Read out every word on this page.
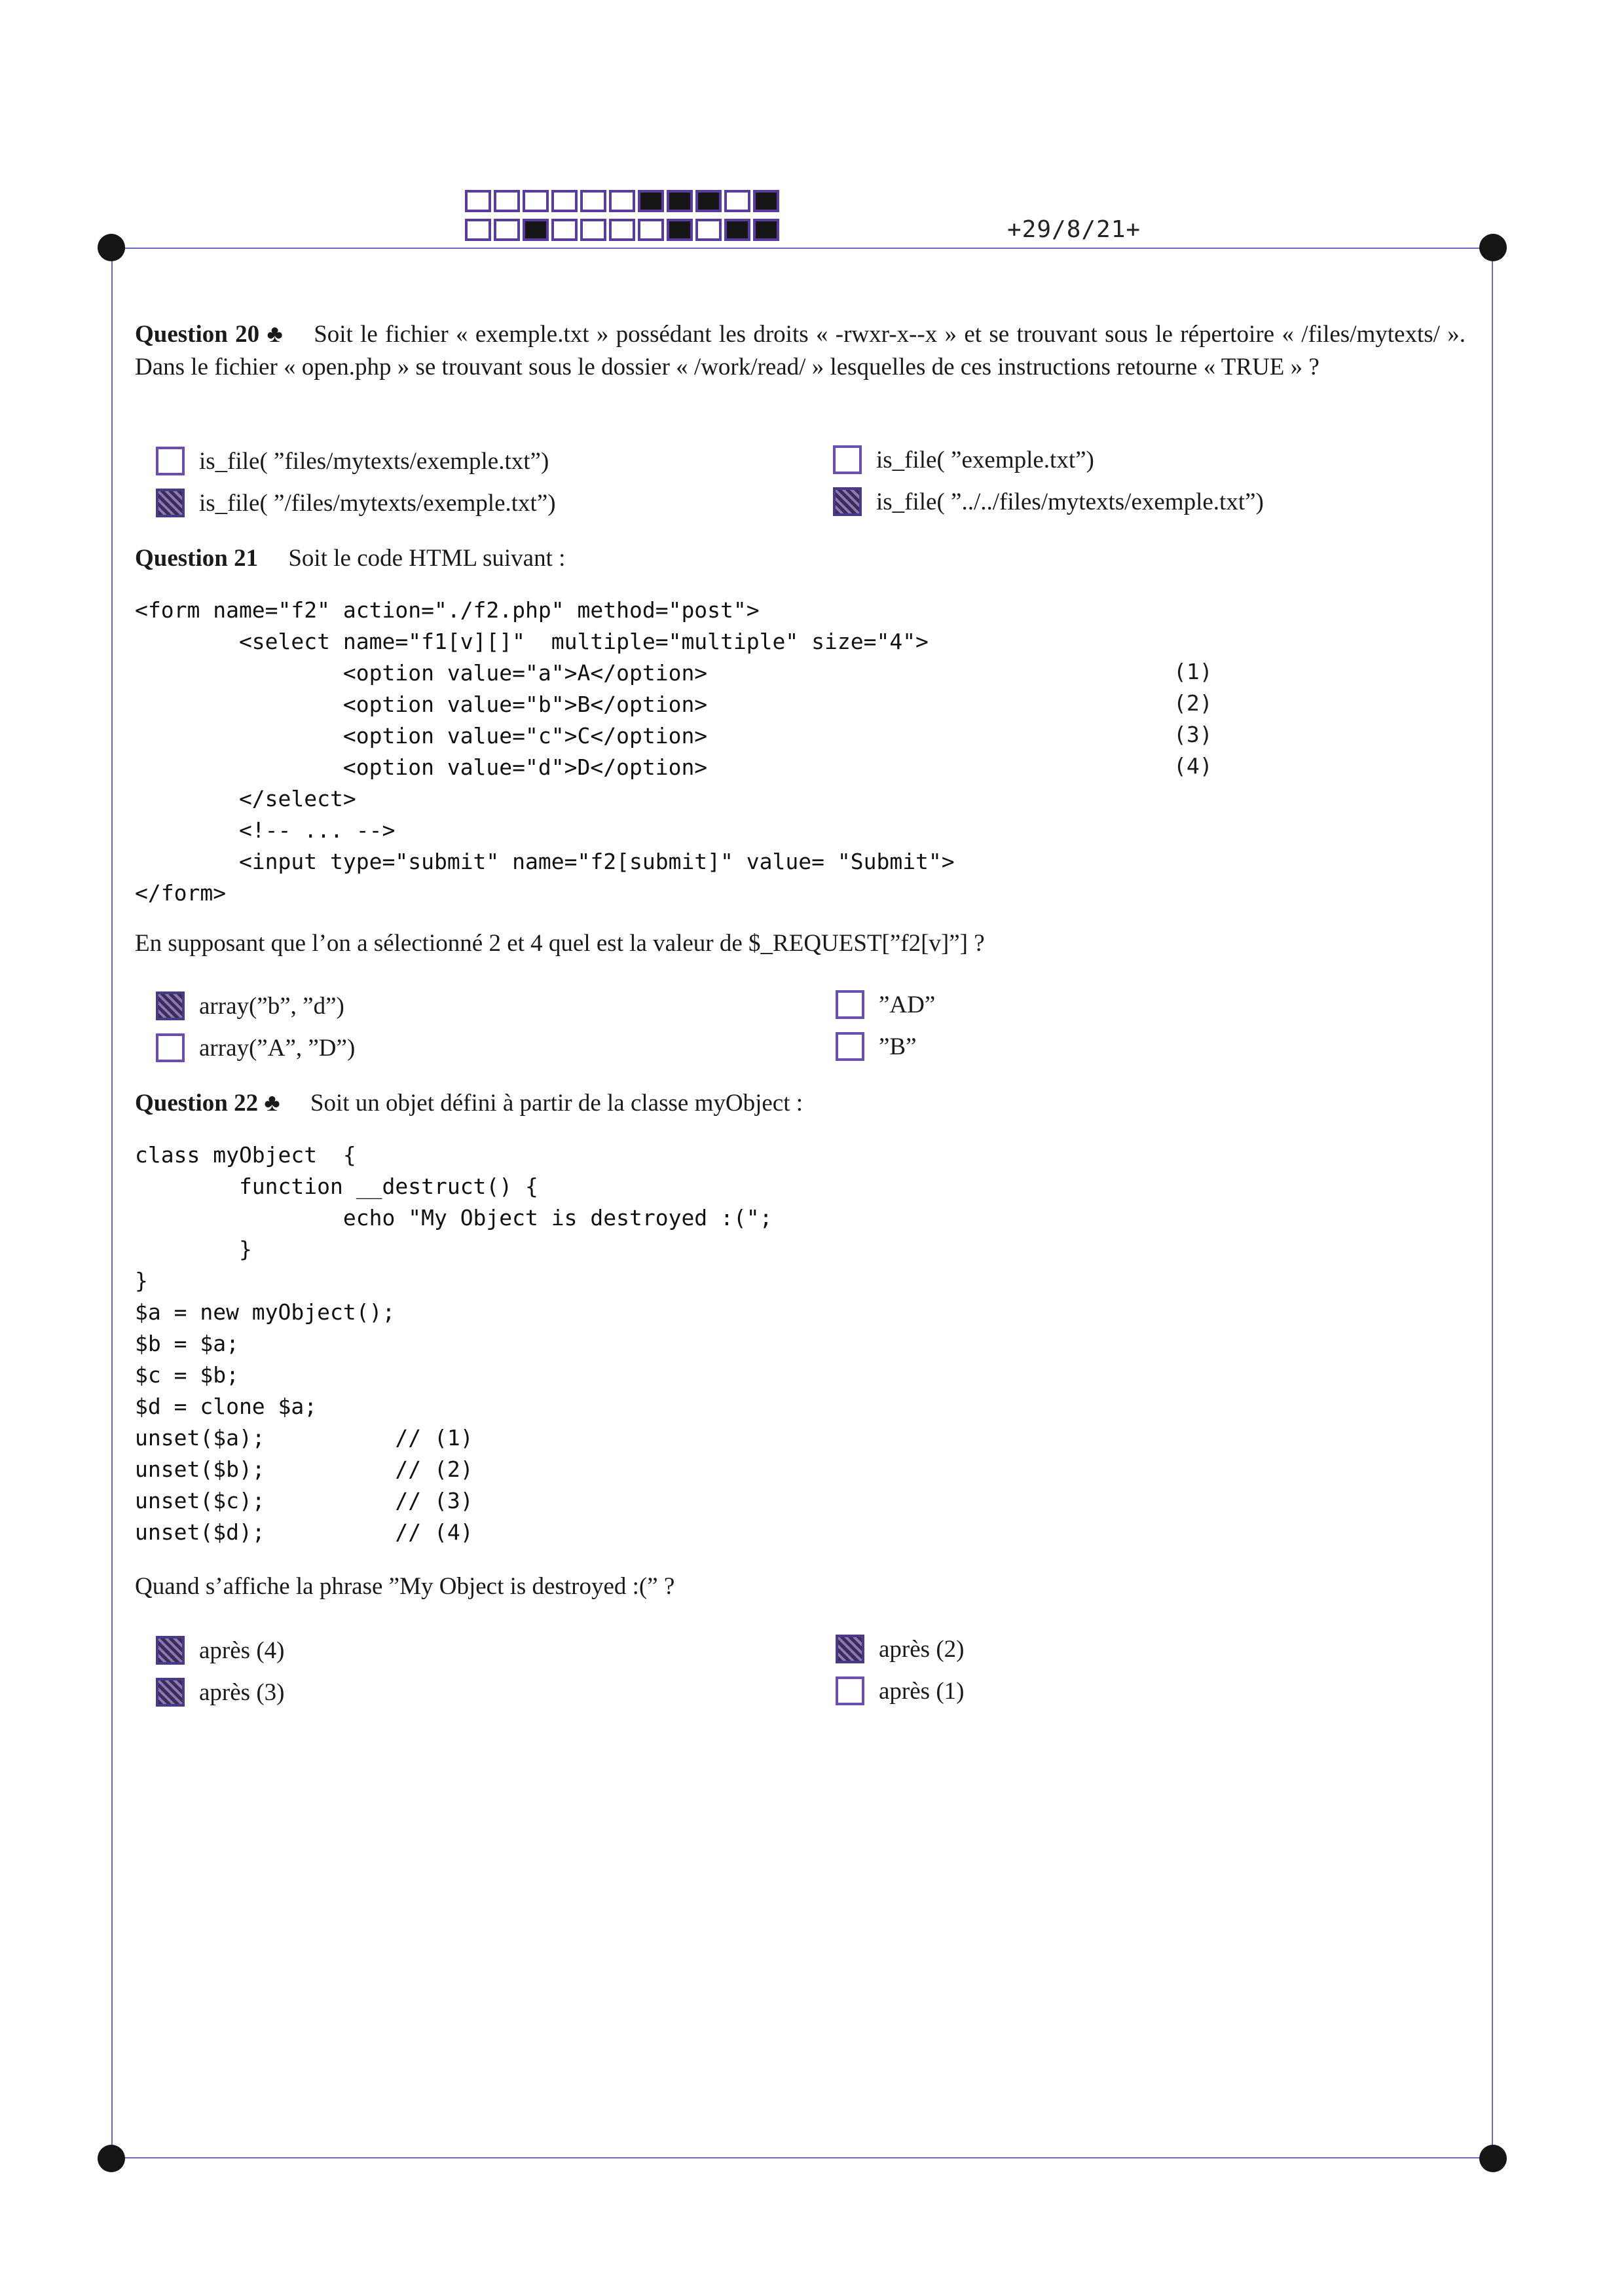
+29/8/21+
Question 20 ♣ Soit le fichier « exemple.txt » possédant les droits « -rwxr-x--x » et se trouvant sous le répertoire « /files/mytexts/ ». Dans le fichier « open.php » se trouvant sous le dossier « /work/read/ » lesquelles de ces instructions retourne « TRUE » ?
is_file( ”files/mytexts/exemple.txt”)	is_file( ”exemple.txt”)
is_file( ”/files/mytexts/exemple.txt”)	is_file( ”../../files/mytexts/exemple.txt”)
Question 21 Soit le code HTML suivant :
<form name="f2" action="./f2.php" method="post">
<select name="f1[v][]"  multiple="multiple" size="4">
<option value="a">A</option>
<option value="b">B</option>
<option value="c">C</option>
<option value="d">D</option>
</select>
<!-- ... -->
<input type="submit" name="f2[submit]" value= "Submit">
</form>
(1)
(2)
(3)
(4)
En supposant que l’on a sélectionné 2 et 4 quel est la valeur de $_REQUEST[”f2[v]”] ?
array(”b”, ”d”)	”AD”
array(”A”, ”D”)	”B”
Question 22 ♣ Soit un objet défini à partir de la classe myObject :
class myObject  {
function __destruct() {
echo "My Object is destroyed :(";
}
}
$a = new myObject();
$b = $a;
$c = $b;
$d = clone $a;
unset($a);          // (1)
unset($b);          // (2)
unset($c);          // (3)
unset($d);          // (4)
Quand s’affiche la phrase ”My Object is destroyed :(” ?
après (4)	après (2)
après (3)	après (1)
